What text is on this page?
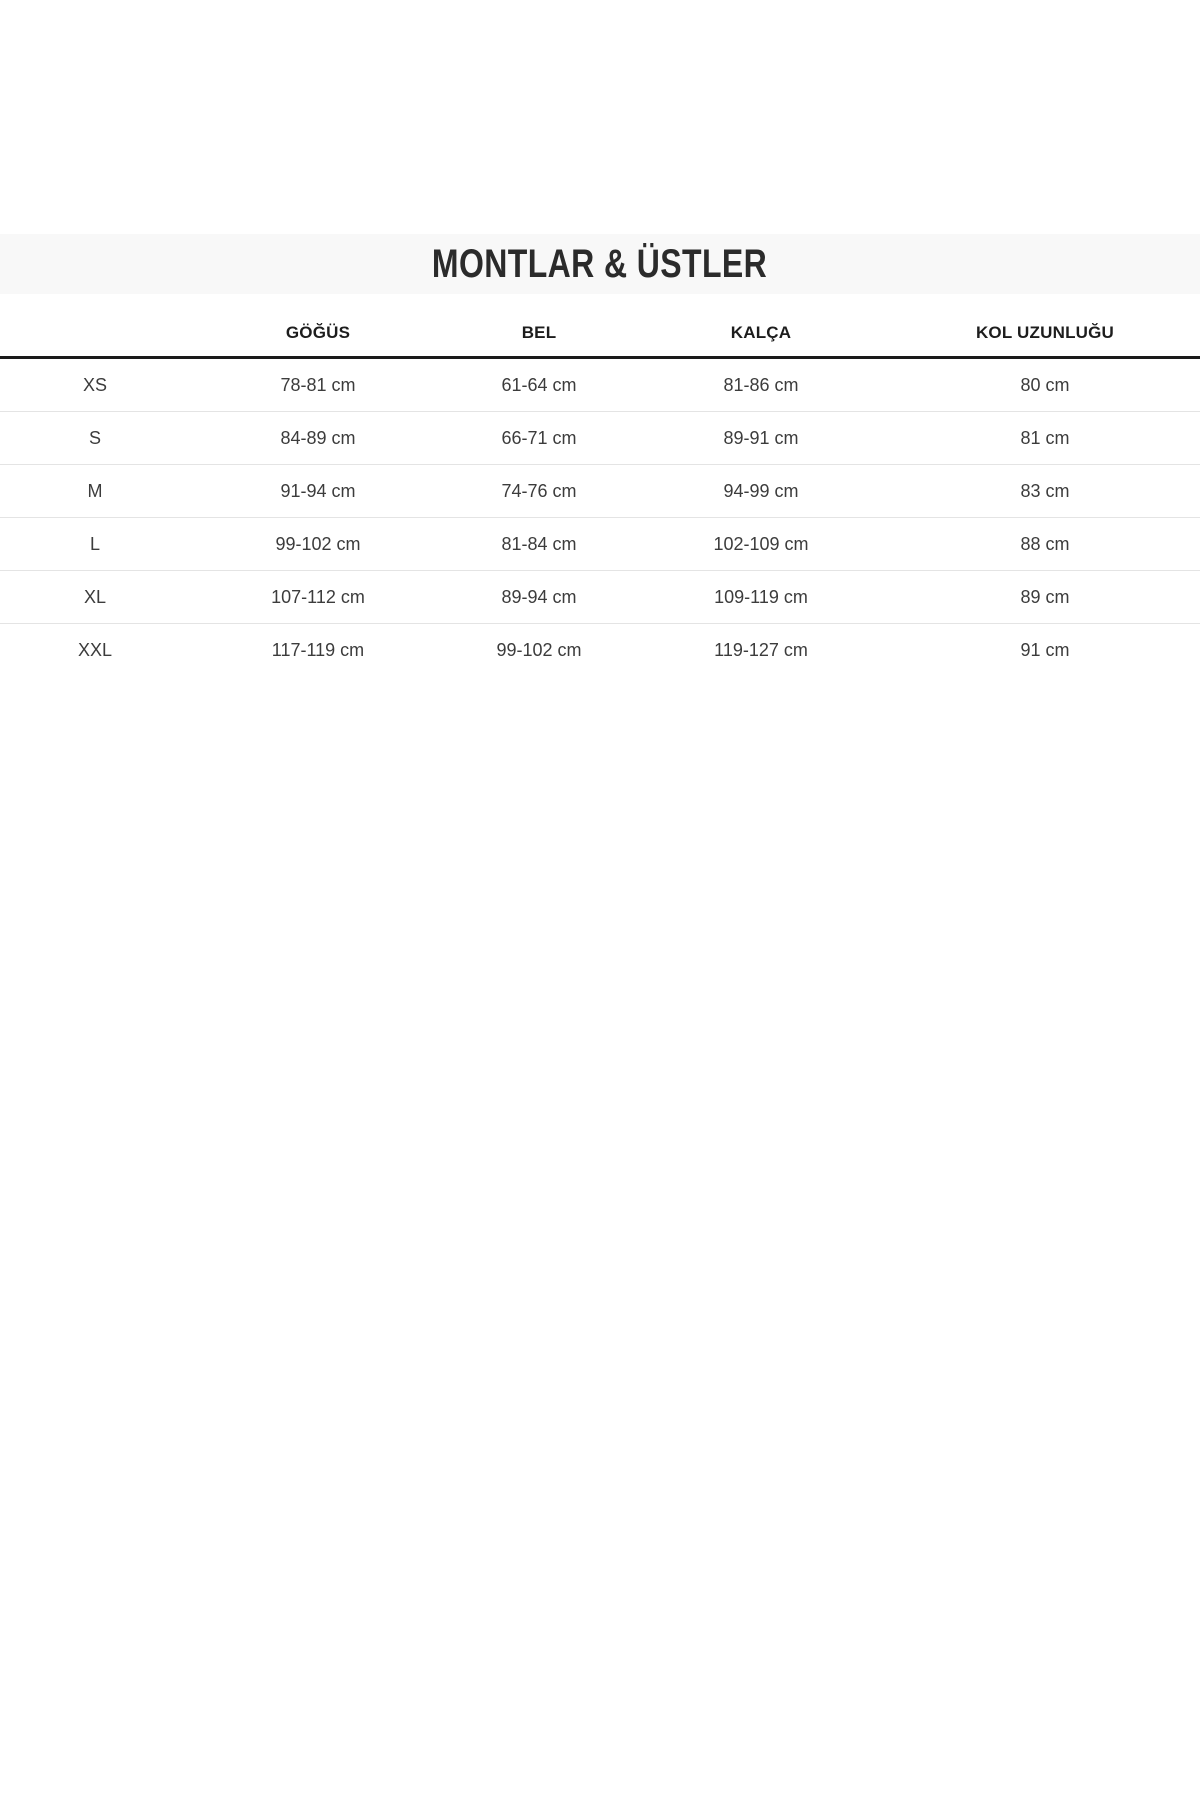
MONTLAR & ÜSTLER
	GÖĞÜS	BEL	KALÇA	KOL UZUNLUĞU
XS	78-81 cm	61-64 cm	81-86 cm	80 cm
S	84-89 cm	66-71 cm	89-91 cm	81 cm
M	91-94 cm	74-76 cm	94-99 cm	83 cm
L	99-102 cm	81-84 cm	102-109 cm	88 cm
XL	107-112 cm	89-94 cm	109-119 cm	89 cm
XXL	117-119 cm	99-102 cm	119-127 cm	91 cm
